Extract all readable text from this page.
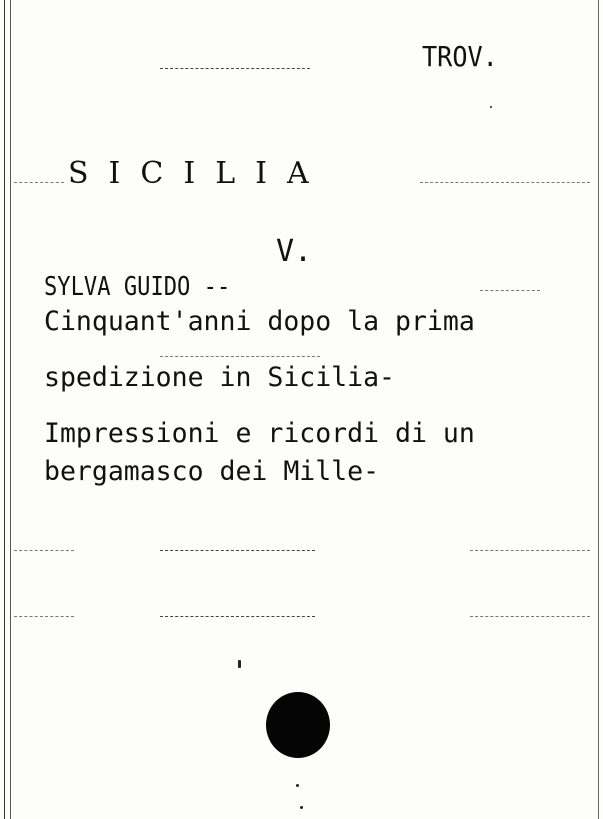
TROV.
SICILIA
V.
SYLVA GUIDO --
Cinquant'anni dopo la prima
spedizione in Sicilia-
Impressioni e ricordi di un
bergamasco dei Mille-
